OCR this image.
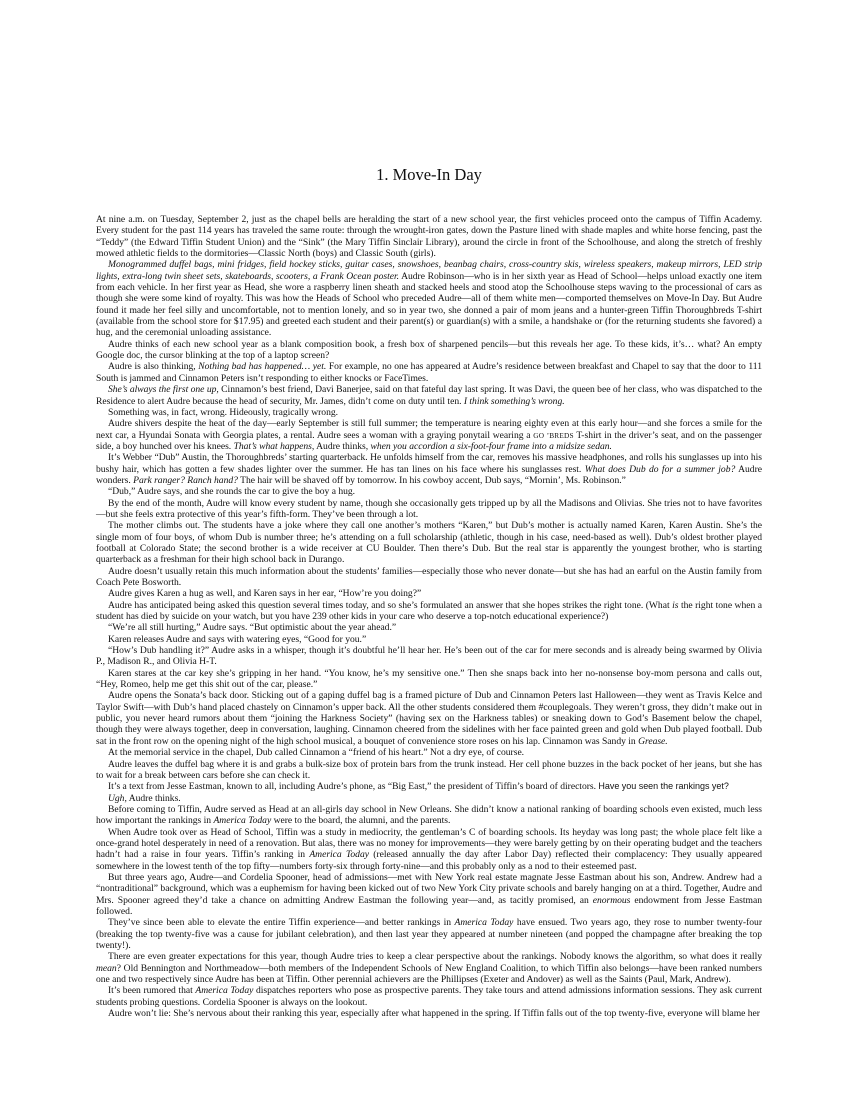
1. Move-In Day

At nine a.m. on Tuesday, September 2, just as the chapel bells are heralding the start of a new school year, the first vehicles proceed onto the campus of Tiffin Academy. Every student for the past 114 years has traveled the same route: through the wrought-iron gates, down the Pasture lined with shade maples and white horse fencing, past the “Teddy” (the Edward Tiffin Student Union) and the “Sink” (the Mary Tiffin Sinclair Library), around the circle in front of the Schoolhouse, and along the stretch of freshly mowed athletic fields to the dormitories—Classic North (boys) and Classic South (girls).

Monogrammed duffel bags, mini fridges, field hockey sticks, guitar cases, snowshoes, beanbag chairs, cross-country skis, wireless speakers, makeup mirrors, LED strip lights, extra-long twin sheet sets, skateboards, scooters, a Frank Ocean poster. Audre Robinson—who is in her sixth year as Head of School—helps unload exactly one item from each vehicle. In her first year as Head, she wore a raspberry linen sheath and stacked heels and stood atop the Schoolhouse steps waving to the processional of cars as though she were some kind of royalty. This was how the Heads of School who preceded Audre—all of them white men—comported themselves on Move-In Day. But Audre found it made her feel silly and uncomfortable, not to mention lonely, and so in year two, she donned a pair of mom jeans and a hunter-green Tiffin Thoroughbreds T-shirt (available from the school store for $17.95) and greeted each student and their parent(s) or guardian(s) with a smile, a handshake or (for the returning students she favored) a hug, and the ceremonial unloading assistance.

Audre thinks of each new school year as a blank composition book, a fresh box of sharpened pencils—but this reveals her age. To these kids, it’s… what? An empty Google doc, the cursor blinking at the top of a laptop screen?

Audre is also thinking, Nothing bad has happened… yet. For example, no one has appeared at Audre’s residence between breakfast and Chapel to say that the door to 111 South is jammed and Cinnamon Peters isn’t responding to either knocks or FaceTimes.

She’s always the first one up, Cinnamon’s best friend, Davi Banerjee, said on that fateful day last spring. It was Davi, the queen bee of her class, who was dispatched to the Residence to alert Audre because the head of security, Mr. James, didn’t come on duty until ten. I think something’s wrong.

Something was, in fact, wrong. Hideously, tragically wrong.

Audre shivers despite the heat of the day—early September is still full summer; the temperature is nearing eighty even at this early hour—and she forces a smile for the next car, a Hyundai Sonata with Georgia plates, a rental. Audre sees a woman with a graying ponytail wearing a GO ’BREDS T-shirt in the driver’s seat, and on the passenger side, a boy hunched over his knees. That’s what happens, Audre thinks, when you accordion a six-foot-four frame into a midsize sedan.

It’s Webber “Dub” Austin, the Thoroughbreds’ starting quarterback. He unfolds himself from the car, removes his massive headphones, and rolls his sunglasses up into his bushy hair, which has gotten a few shades lighter over the summer. He has tan lines on his face where his sunglasses rest. What does Dub do for a summer job? Audre wonders. Park ranger? Ranch hand? The hair will be shaved off by tomorrow. In his cowboy accent, Dub says, “Mornin’, Ms. Robinson.”

“Dub,” Audre says, and she rounds the car to give the boy a hug.

By the end of the month, Audre will know every student by name, though she occasionally gets tripped up by all the Madisons and Olivias. She tries not to have favorites—but she feels extra protective of this year’s fifth-form. They’ve been through a lot.

The mother climbs out. The students have a joke where they call one another’s mothers “Karen,” but Dub’s mother is actually named Karen, Karen Austin. She’s the single mom of four boys, of whom Dub is number three; he’s attending on a full scholarship (athletic, though in his case, need-based as well). Dub’s oldest brother played football at Colorado State; the second brother is a wide receiver at CU Boulder. Then there’s Dub. But the real star is apparently the youngest brother, who is starting quarterback as a freshman for their high school back in Durango.

Audre doesn’t usually retain this much information about the students’ families—especially those who never donate—but she has had an earful on the Austin family from Coach Pete Bosworth.

Audre gives Karen a hug as well, and Karen says in her ear, “How’re you doing?”

Audre has anticipated being asked this question several times today, and so she’s formulated an answer that she hopes strikes the right tone. (What is the right tone when a student has died by suicide on your watch, but you have 239 other kids in your care who deserve a top-notch educational experience?)

“We’re all still hurting,” Audre says. “But optimistic about the year ahead.”

Karen releases Audre and says with watering eyes, “Good for you.”

“How’s Dub handling it?” Audre asks in a whisper, though it’s doubtful he’ll hear her. He’s been out of the car for mere seconds and is already being swarmed by Olivia P., Madison R., and Olivia H-T.

Karen stares at the car key she’s gripping in her hand. “You know, he’s my sensitive one.” Then she snaps back into her no-nonsense boy-mom persona and calls out, “Hey, Romeo, help me get this shit out of the car, please.”

Audre opens the Sonata’s back door. Sticking out of a gaping duffel bag is a framed picture of Dub and Cinnamon Peters last Halloween—they went as Travis Kelce and Taylor Swift—with Dub’s hand placed chastely on Cinnamon’s upper back. All the other students considered them #couplegoals. They weren’t gross, they didn’t make out in public, you never heard rumors about them “joining the Harkness Society” (having sex on the Harkness tables) or sneaking down to God’s Basement below the chapel, though they were always together, deep in conversation, laughing. Cinnamon cheered from the sidelines with her face painted green and gold when Dub played football. Dub sat in the front row on the opening night of the high school musical, a bouquet of convenience store roses on his lap. Cinnamon was Sandy in Grease.

At the memorial service in the chapel, Dub called Cinnamon a “friend of his heart.” Not a dry eye, of course.

Audre leaves the duffel bag where it is and grabs a bulk-size box of protein bars from the trunk instead. Her cell phone buzzes in the back pocket of her jeans, but she has to wait for a break between cars before she can check it.

It’s a text from Jesse Eastman, known to all, including Audre’s phone, as “Big East,” the president of Tiffin’s board of directors. Have you seen the rankings yet?

Ugh, Audre thinks.

Before coming to Tiffin, Audre served as Head at an all-girls day school in New Orleans. She didn’t know a national ranking of boarding schools even existed, much less how important the rankings in America Today were to the board, the alumni, and the parents.

When Audre took over as Head of School, Tiffin was a study in mediocrity, the gentleman’s C of boarding schools. Its heyday was long past; the whole place felt like a once-grand hotel desperately in need of a renovation. But alas, there was no money for improvements—they were barely getting by on their operating budget and the teachers hadn’t had a raise in four years. Tiffin’s ranking in America Today (released annually the day after Labor Day) reflected their complacency: They usually appeared somewhere in the lowest tenth of the top fifty—numbers forty-six through forty-nine—and this probably only as a nod to their esteemed past.

But three years ago, Audre—and Cordelia Spooner, head of admissions—met with New York real estate magnate Jesse Eastman about his son, Andrew. Andrew had a “nontraditional” background, which was a euphemism for having been kicked out of two New York City private schools and barely hanging on at a third. Together, Audre and Mrs. Spooner agreed they’d take a chance on admitting Andrew Eastman the following year—and, as tacitly promised, an enormous endowment from Jesse Eastman followed.

They’ve since been able to elevate the entire Tiffin experience—and better rankings in America Today have ensued. Two years ago, they rose to number twenty-four (breaking the top twenty-five was a cause for jubilant celebration), and then last year they appeared at number nineteen (and popped the champagne after breaking the top twenty!).

There are even greater expectations for this year, though Audre tries to keep a clear perspective about the rankings. Nobody knows the algorithm, so what does it really mean? Old Bennington and Northmeadow—both members of the Independent Schools of New England Coalition, to which Tiffin also belongs—have been ranked numbers one and two respectively since Audre has been at Tiffin. Other perennial achievers are the Phillipses (Exeter and Andover) as well as the Saints (Paul, Mark, Andrew).

It’s been rumored that America Today dispatches reporters who pose as prospective parents. They take tours and attend admissions information sessions. They ask current students probing questions. Cordelia Spooner is always on the lookout.

Audre won’t lie: She’s nervous about their ranking this year, especially after what happened in the spring. If Tiffin falls out of the top twenty-five, everyone will blame her
